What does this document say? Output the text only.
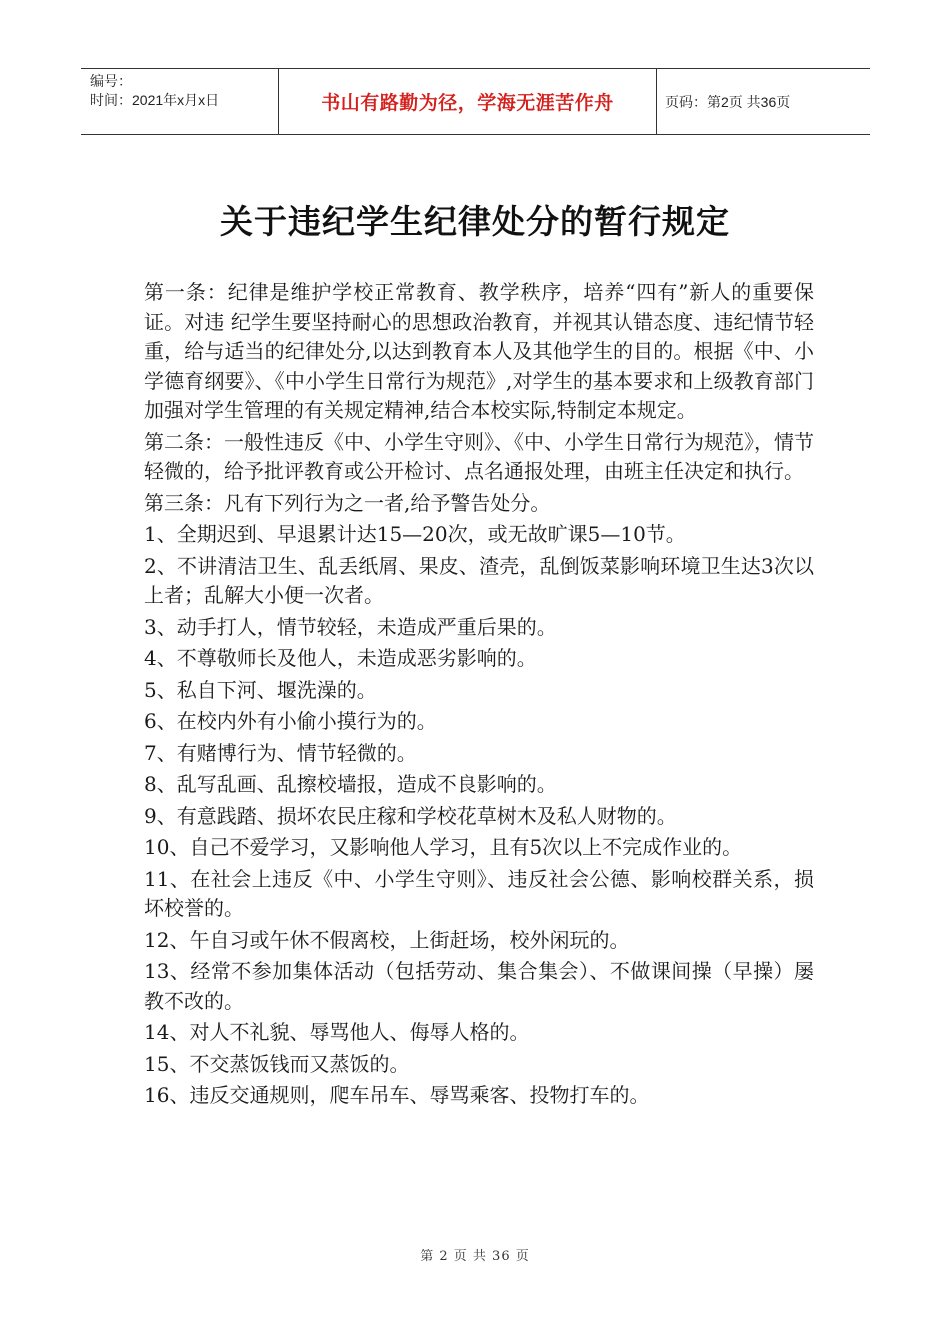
编号：
时间：2021年x月x日	书山有路勤为径，学海无涯苦作舟	页码：第2页 共36页
关于违纪学生纪律处分的暂行规定

第一条：纪律是维护学校正常教育、教学秩序，培养“四有”新人的重要保证。对违 纪学生要坚持耐心的思想政治教育，并视其认错态度、违纪情节轻重，给与适当的纪律处分,以达到教育本人及其他学生的目的。根据《中、小学德育纲要》、《中小学生日常行为规范》,对学生的基本要求和上级教育部门加强对学生管理的有关规定精神,结合本校实际,特制定本规定。

第二条：一般性违反《中、小学生守则》、《中、小学生日常行为规范》，情节轻微的，给予批评教育或公开检讨、点名通报处理，由班主任决定和执行。

第三条：凡有下列行为之一者,给予警告处分。

1、全期迟到、早退累计达15—20次，或无故旷课5—10节。

2、不讲清洁卫生、乱丢纸屑、果皮、渣壳，乱倒饭菜影响环境卫生达3次以上者；乱解大小便一次者。

3、动手打人，情节较轻，未造成严重后果的。

4、不尊敬师长及他人，未造成恶劣影响的。

5、私自下河、堰洗澡的。

6、在校内外有小偷小摸行为的。

7、有赌博行为、情节轻微的。

8、乱写乱画、乱擦校墙报，造成不良影响的。

9、有意践踏、损坏农民庄稼和学校花草树木及私人财物的。

10、自己不爱学习，又影响他人学习，且有5次以上不完成作业的。

11、在社会上违反《中、小学生守则》、违反社会公德、影响校群关系，损坏校誉的。

12、午自习或午休不假离校，上街赶场，校外闲玩的。

13、经常不参加集体活动（包括劳动、集合集会）、不做课间操（早操）屡教不改的。

14、对人不礼貌、辱骂他人、侮辱人格的。

15、不交蒸饭钱而又蒸饭的。

16、违反交通规则，爬车吊车、辱骂乘客、投物打车的。

第 2 页 共 36 页
